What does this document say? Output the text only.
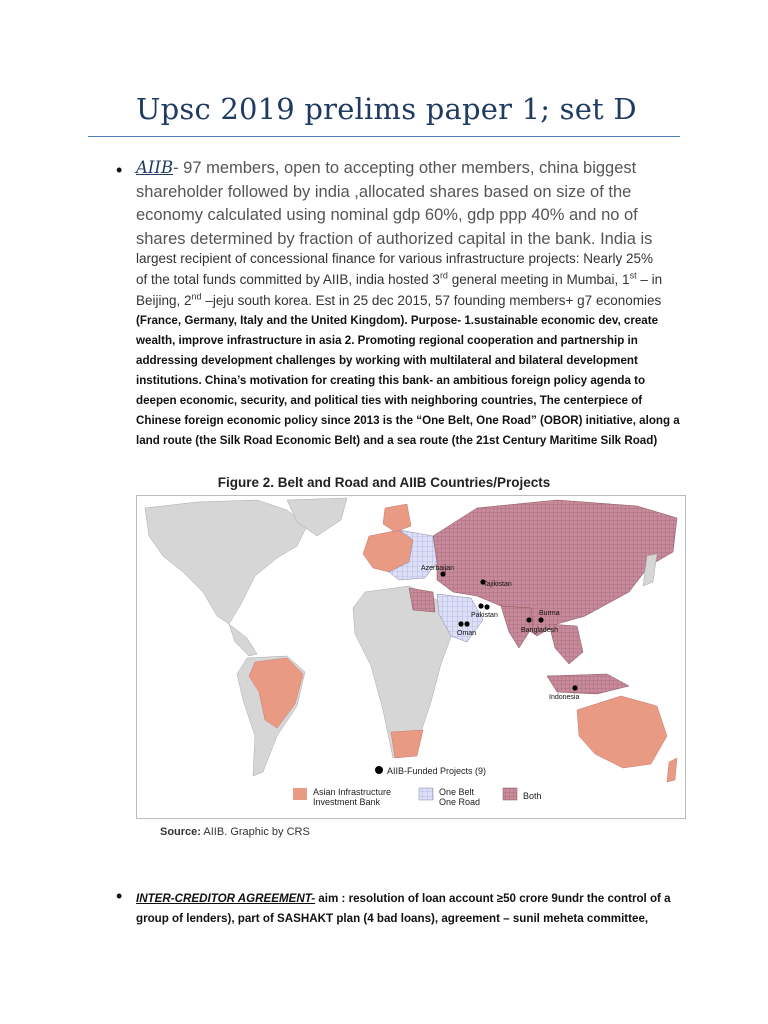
Upsc 2019 prelims paper 1; set D
• AIIB- 97 members, open to accepting other members, china biggest shareholder followed by india ,allocated shares based on size of the economy calculated using nominal gdp 60%, gdp ppp 40% and no of shares determined by fraction of authorized capital in the bank. India is
largest recipient of concessional finance for various infrastructure projects: Nearly 25% of the total funds committed by AIIB, india hosted 3rd general meeting in Mumbai, 1st – in Beijing, 2nd –jeju south korea. Est in 25 dec 2015, 57 founding members+ g7 economies
(France, Germany, Italy and the United Kingdom). Purpose- 1.sustainable economic dev, create wealth, improve infrastructure in asia 2. Promoting regional cooperation and partnership in addressing development challenges by working with multilateral and bilateral development institutions. China’s motivation for creating this bank- an ambitious foreign policy agenda to deepen economic, security, and political ties with neighboring countries, The centerpiece of Chinese foreign economic policy since 2013 is the “One Belt, One Road” (OBOR) initiative, along a land route (the Silk Road Economic Belt) and a sea route (the 21st Century Maritime Silk Road)
Figure 2. Belt and Road and AIIB Countries/Projects
Azerbaijan
Tajikistan
Pakistan
Oman
Burma
Bangladesh
Indonesia
AIIB-Funded Projects (9)
Asian Infrastructure
Investment Bank
One Belt
One Road
Both
Source: AIIB. Graphic by CRS
• INTER-CREDITOR AGREEMENT- aim : resolution of loan account ≥50 crore 9undr the control of a group of lenders), part of SASHAKT plan (4 bad loans), agreement – sunil meheta committee,
